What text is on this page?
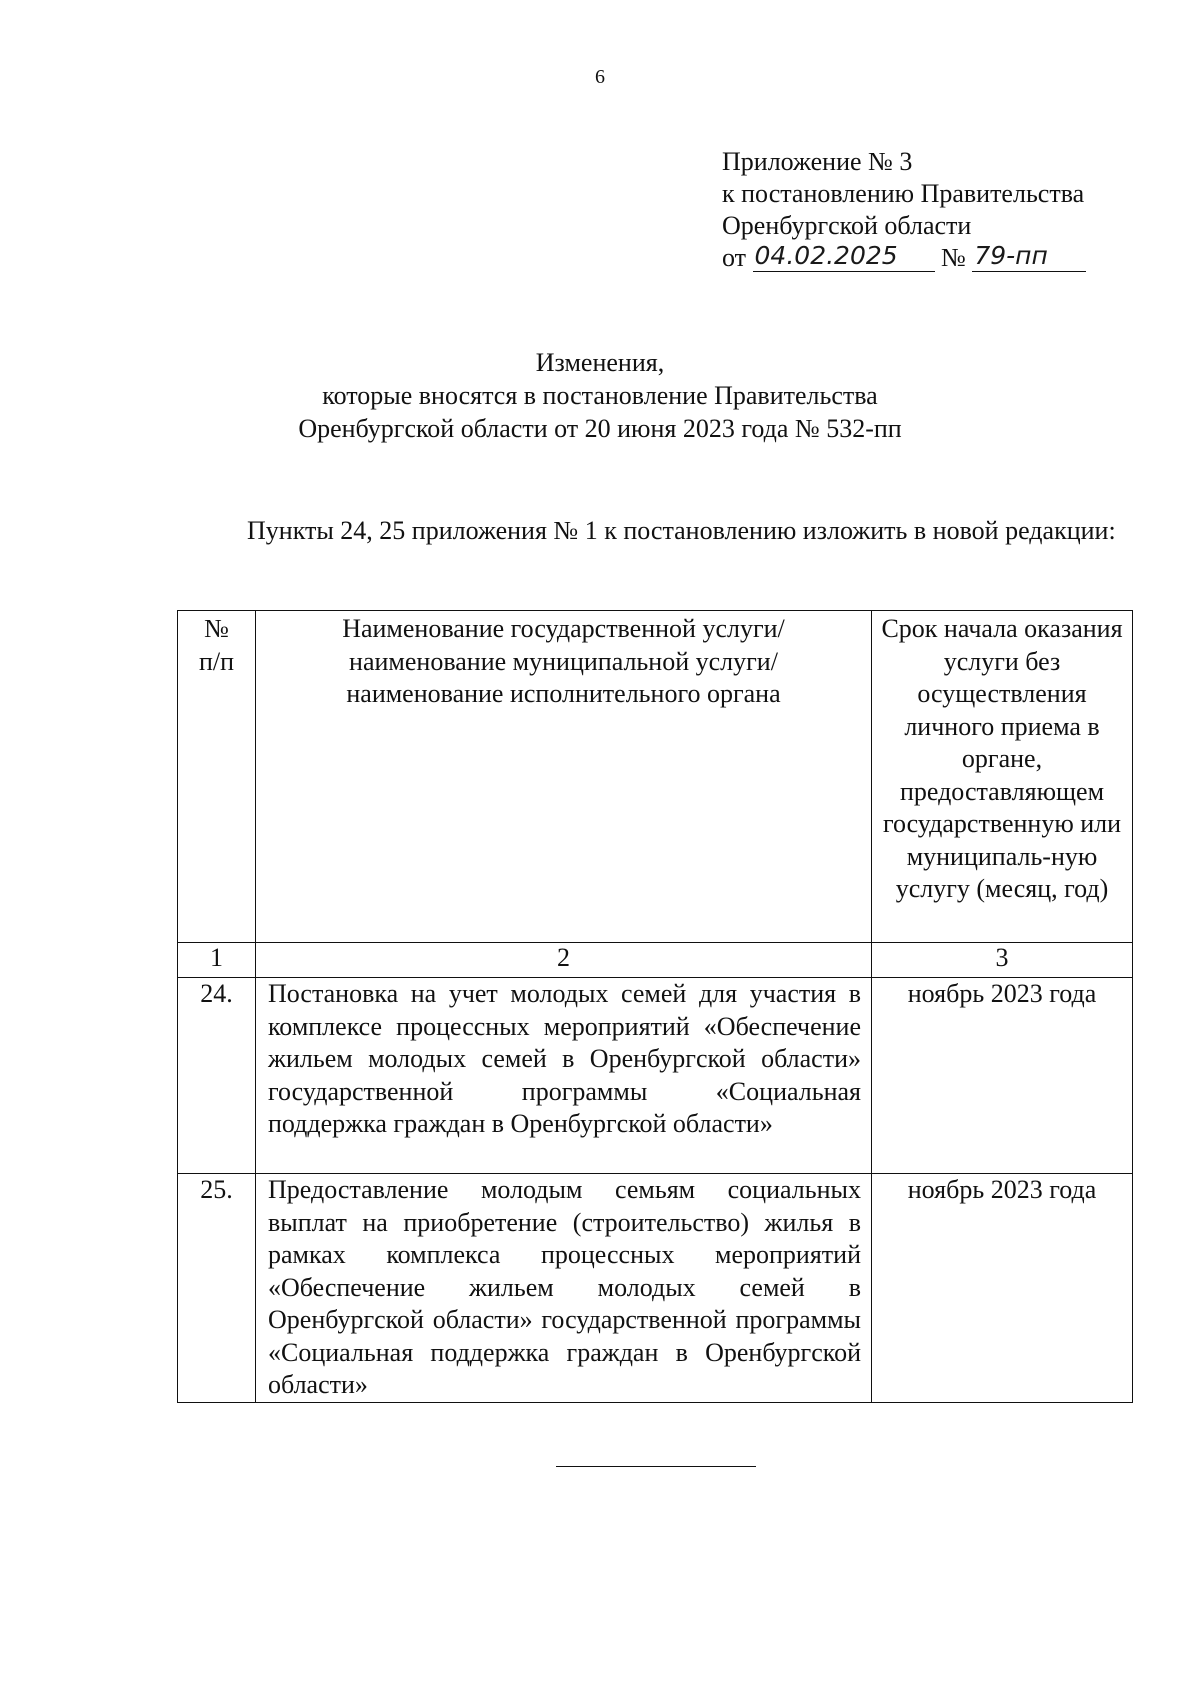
6
Приложение № 3
к постановлению Правительства
Оренбургской области
от 04.02.2025 № 79-пп
Изменения,
которые вносятся в постановление Правительства
Оренбургской области от 20 июня 2023 года № 532-пп
Пункты 24, 25 приложения № 1 к постановлению изложить в новой редакции:
№ п/п	Наименование государственной услуги/ наименование муниципальной услуги/ наименование исполнительного органа	Срок начала оказания услуги без осуществления личного приема в органе, предоставляющем государственную или муниципаль-ную услугу (месяц, год)
1	2	3
24.	Постановка на учет молодых семей для участия в комплексе процессных мероприятий «Обеспечение жильем молодых семей в Оренбургской области» государственной программы «Социальная поддержка граждан в Оренбургской области»	ноябрь 2023 года
25.	Предоставление молодым семьям социальных выплат на приобретение (строительство) жилья в рамках комплекса процессных мероприятий «Обеспечение жильем молодых семей в Оренбургской области» государственной программы «Социальная поддержка граждан в Оренбургской области»	ноябрь 2023 года
